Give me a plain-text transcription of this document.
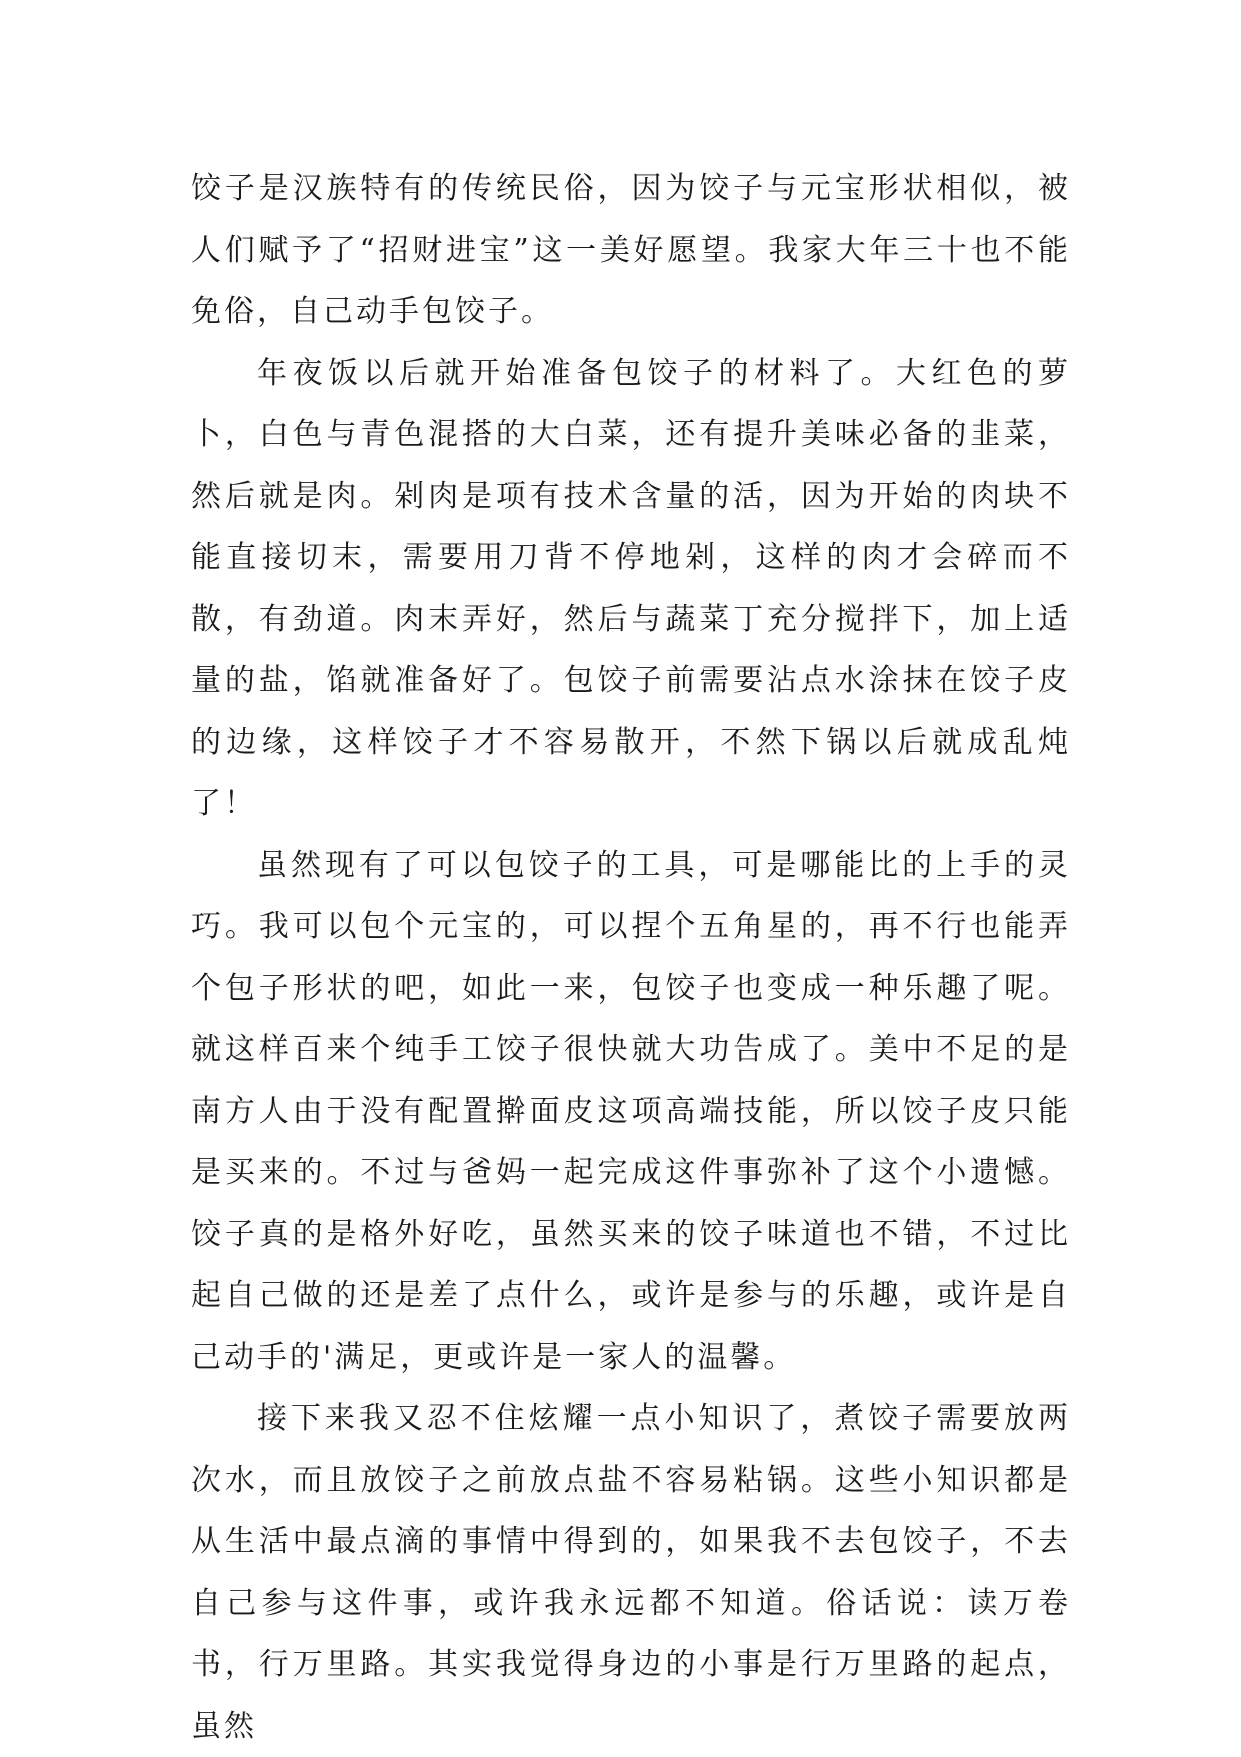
饺子是汉族特有的传统民俗，因为饺子与元宝形状相似，被人们赋予了“招财进宝”这一美好愿望。我家大年三十也不能免俗，自己动手包饺子。

年夜饭以后就开始准备包饺子的材料了。大红色的萝卜，白色与青色混搭的大白菜，还有提升美味必备的韭菜，然后就是肉。剁肉是项有技术含量的活，因为开始的肉块不能直接切末，需要用刀背不停地剁，这样的肉才会碎而不散，有劲道。肉末弄好，然后与蔬菜丁充分搅拌下，加上适量的盐，馅就准备好了。包饺子前需要沾点水涂抹在饺子皮的边缘，这样饺子才不容易散开，不然下锅以后就成乱炖了！

虽然现有了可以包饺子的工具，可是哪能比的上手的灵巧。我可以包个元宝的，可以捏个五角星的，再不行也能弄个包子形状的吧，如此一来，包饺子也变成一种乐趣了呢。就这样百来个纯手工饺子很快就大功告成了。美中不足的是南方人由于没有配置擀面皮这项高端技能，所以饺子皮只能是买来的。不过与爸妈一起完成这件事弥补了这个小遗憾。饺子真的是格外好吃，虽然买来的饺子味道也不错，不过比起自己做的还是差了点什么，或许是参与的乐趣，或许是自己动手的'满足，更或许是一家人的温馨。

接下来我又忍不住炫耀一点小知识了，煮饺子需要放两次水，而且放饺子之前放点盐不容易粘锅。这些小知识都是从生活中最点滴的事情中得到的，如果我不去包饺子，不去自己参与这件事，或许我永远都不知道。俗话说：读万卷书，行万里路。其实我觉得身边的小事是行万里路的起点，虽然
